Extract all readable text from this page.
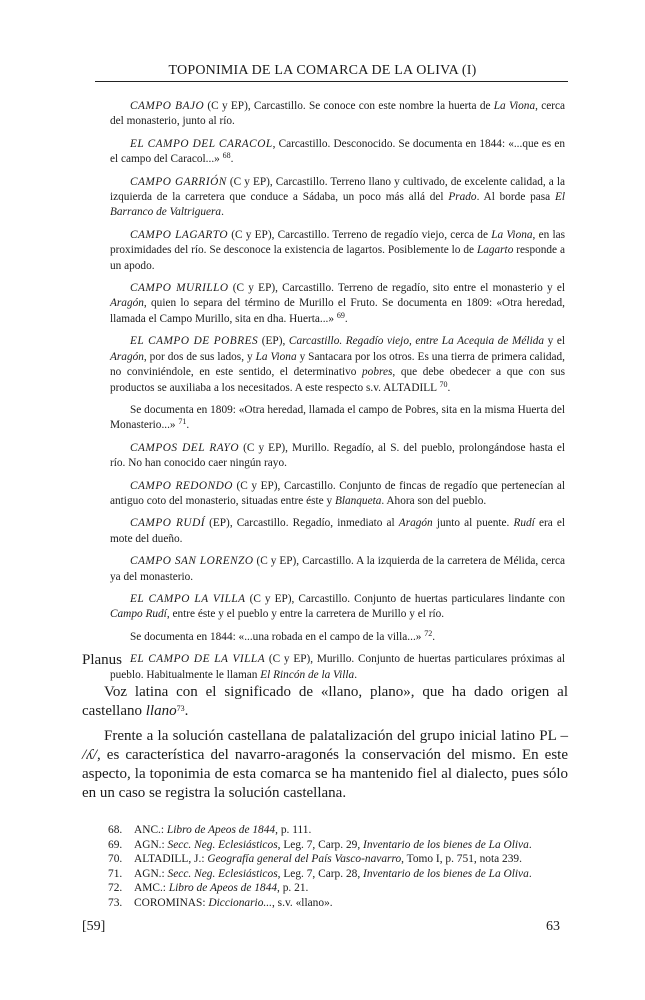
TOPONIMIA DE LA COMARCA DE LA OLIVA (I)

CAMPO BAJO (C y EP), Carcastillo. Se conoce con este nombre la huerta de La Viona, cerca del monasterio, junto al río.

EL CAMPO DEL CARACOL, Carcastillo. Desconocido. Se documenta en 1844: «...que es en el campo del Caracol...» $^{68}$.

CAMPO GARRIÓN (C y EP), Carcastillo. Terreno llano y cultivado, de excelente calidad, a la izquierda de la carretera que conduce a Sádaba, un poco más allá del Prado. Al borde pasa El Barranco de Valtriguera.

CAMPO LAGARTO (C y EP), Carcastillo. Terreno de regadío viejo, cerca de La Viona, en las proximidades del río. Se desconoce la existencia de lagartos. Posiblemente lo de Lagarto responde a un apodo.

CAMPO MURILLO (C y EP), Carcastillo. Terreno de regadío, sito entre el monasterio y el Aragón, quien lo separa del término de Murillo el Fruto. Se documenta en 1809: «Otra heredad, llamada el Campo Murillo, sita en dha. Huerta...» $^{69}$.

EL CAMPO DE POBRES (EP), Carcastillo. Regadío viejo, entre La Acequia de Mélida y el Aragón, por dos de sus lados, y La Viona y Santacara por los otros. Es una tierra de primera calidad, no conviniéndole, en este sentido, el determinativo pobres, que debe obedecer a que con sus productos se auxiliaba a los necesitados. A este respecto s.v. ALTADILL $^{70}$.

Se documenta en 1809: «Otra heredad, llamada el campo de Pobres, sita en la misma Huerta del Monasterio...» $^{71}$.

CAMPOS DEL RAYO (C y EP), Murillo. Regadío, al S. del pueblo, prolongándose hasta el río. No han conocido caer ningún rayo.

CAMPO REDONDO (C y EP), Carcastillo. Conjunto de fincas de regadío que pertenecían al antiguo coto del monasterio, situadas entre éste y Blanqueta. Ahora son del pueblo.

CAMPO RUDÍ (EP), Carcastillo. Regadío, inmediato al Aragón junto al puente. Rudí era el mote del dueño.

CAMPO SAN LORENZO (C y EP), Carcastillo. A la izquierda de la carretera de Mélida, cerca ya del monasterio.

EL CAMPO LA VILLA (C y EP), Carcastillo. Conjunto de huertas particulares lindante con Campo Rudí, entre éste y el pueblo y entre la carretera de Murillo y el río.

Se documenta en 1844: «...una robada en el campo de la villa...» $^{72}$.

EL CAMPO DE LA VILLA (C y EP), Murillo. Conjunto de huertas particulares próximas al pueblo. Habitualmente le llaman El Rincón de la Villa.

Planus

Voz latina con el significado de «llano, plano», que ha dado origen al castellano llano$^{73}$.

Frente a la solución castellana de palatalización del grupo inicial latino PL – /ʎ/, es característica del navarro-aragonés la conservación del mismo. En este aspecto, la toponimia de esta comarca se ha mantenido fiel al dialecto, pues sólo en un caso se registra la solución castellana.

68. ANC.: Libro de Apeos de 1844, p. 111.
69. AGN.: Secc. Neg. Eclesiásticos, Leg. 7, Carp. 29, Inventario de los bienes de La Oliva.
70. ALTADILL, J.: Geografía general del País Vasco-navarro, Tomo I, p. 751, nota 239.
71. AGN.: Secc. Neg. Eclesiásticos, Leg. 7, Carp. 28, Inventario de los bienes de La Oliva.
72. AMC.: Libro de Apeos de 1844, p. 21.
73. COROMINAS: Diccionario..., s.v. «llano».
[59]	63
